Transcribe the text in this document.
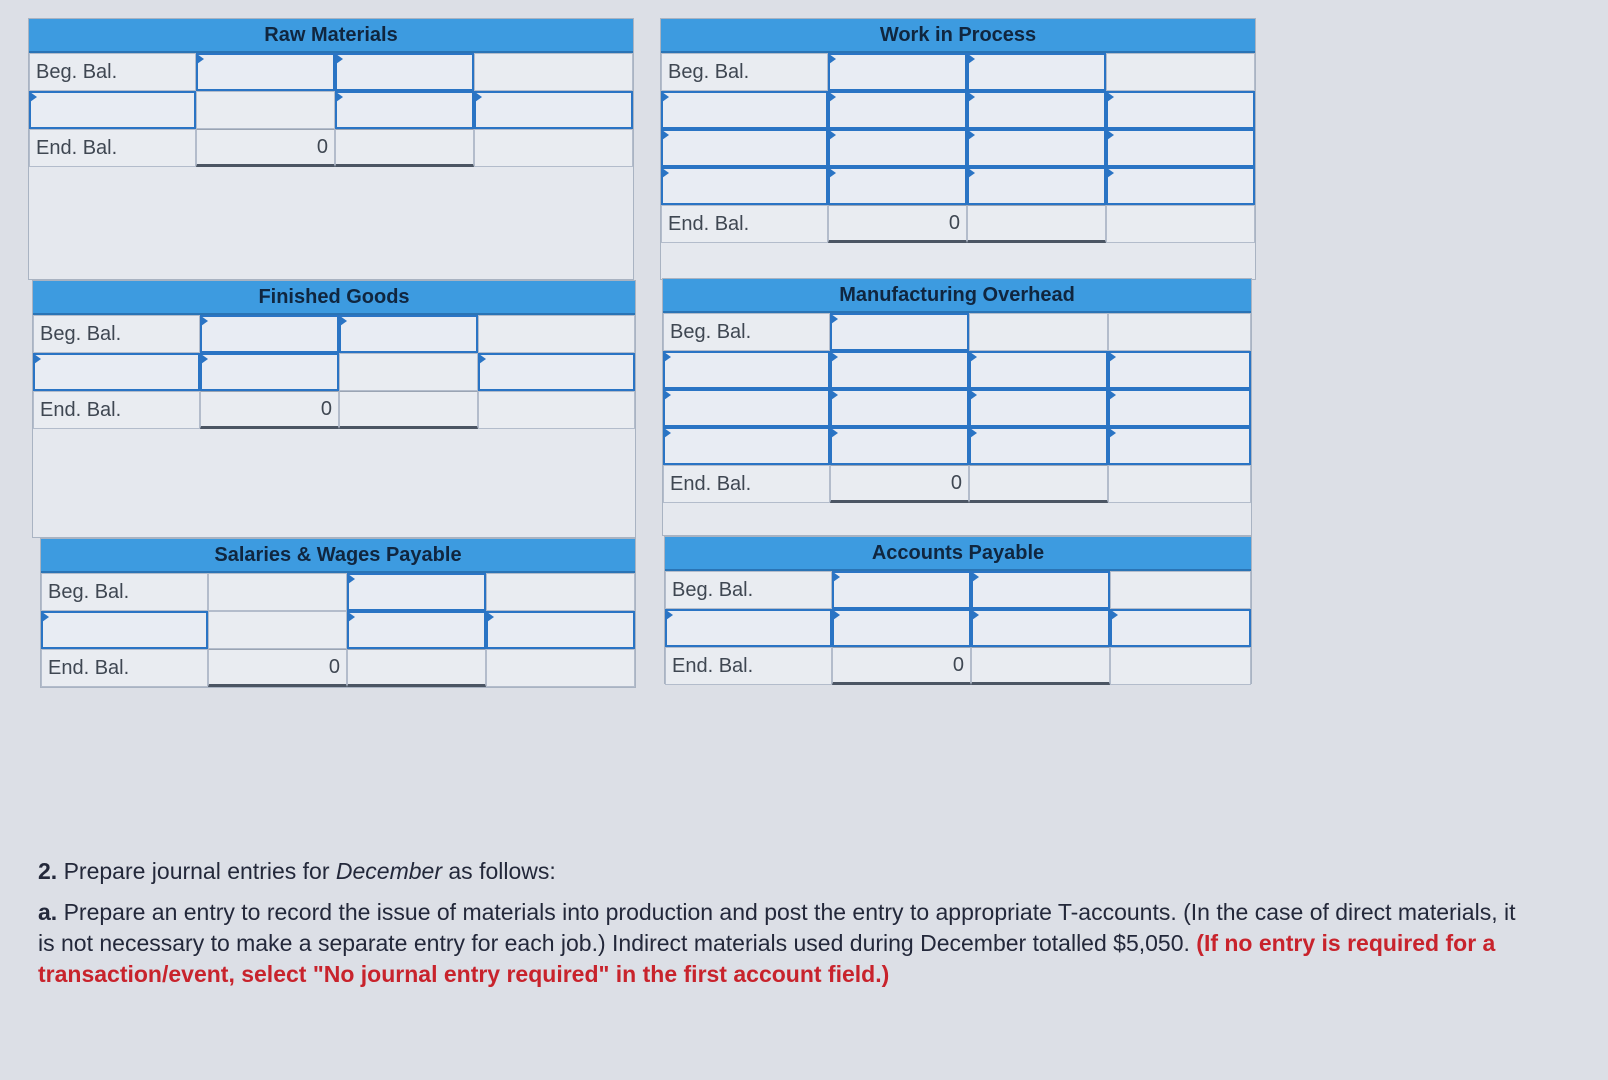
Raw Materials
Beg. Bal.
End. Bal.	0
Work in Process
Beg. Bal.
End. Bal.	0
Finished Goods
Beg. Bal.
End. Bal.	0
Manufacturing Overhead
Beg. Bal.
End. Bal.	0
Salaries & Wages Payable
Beg. Bal.
End. Bal.	0
Accounts Payable
Beg. Bal.
End. Bal.	0

2. Prepare journal entries for December as follows:

a. Prepare an entry to record the issue of materials into production and post the entry to appropriate T-accounts. (In the case of direct materials, it is not necessary to make a separate entry for each job.) Indirect materials used during December totalled $5,050. (If no entry is required for a transaction/event, select "No journal entry required" in the first account field.)
